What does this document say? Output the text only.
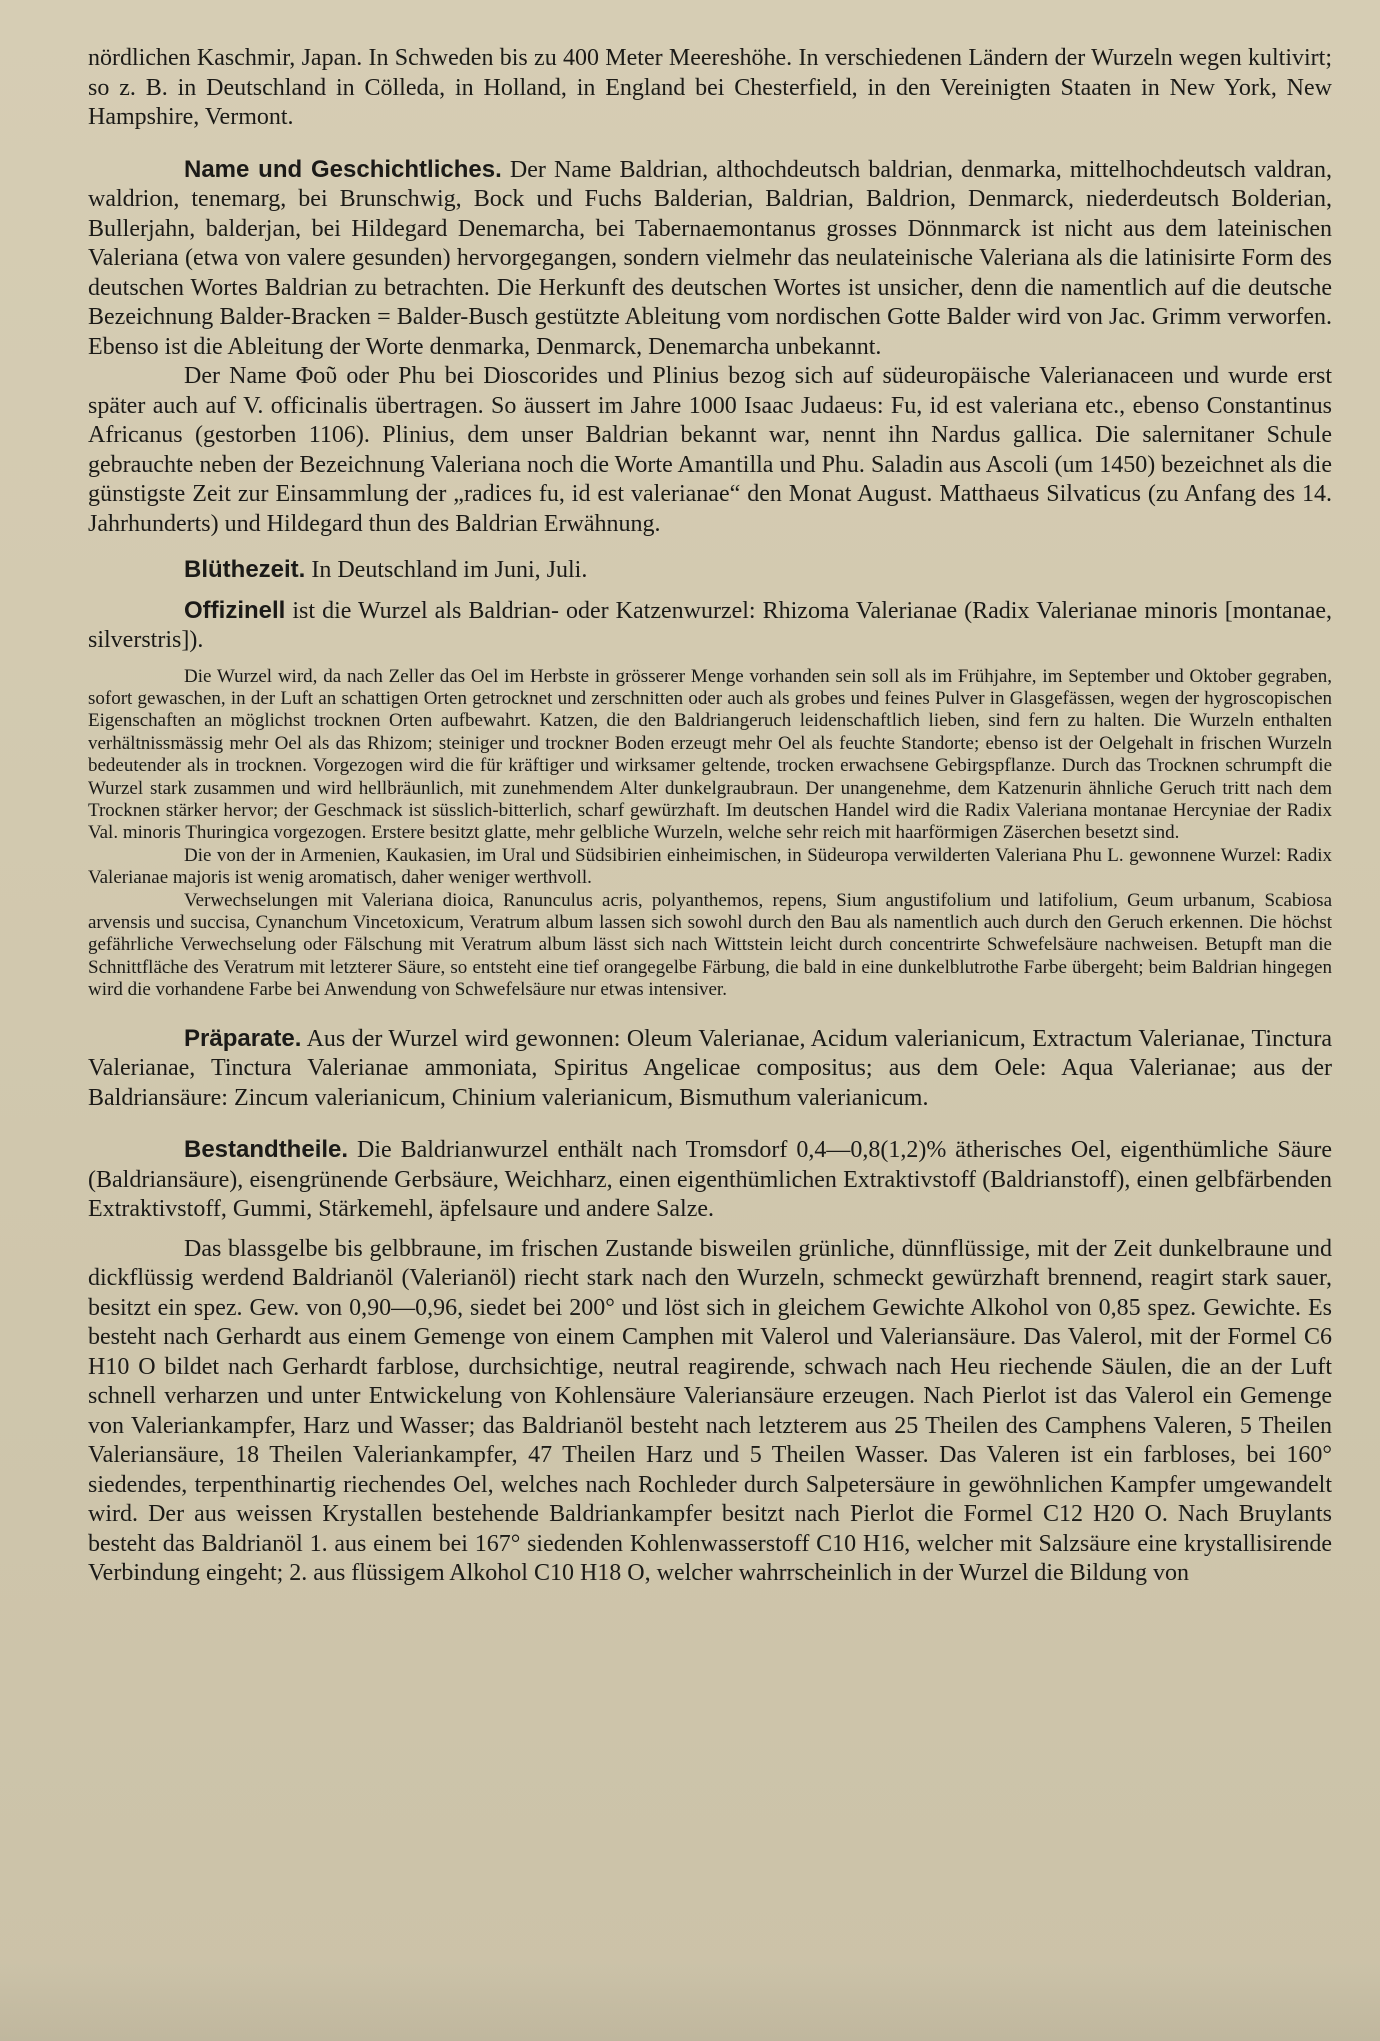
nördlichen Kaschmir, Japan. In Schweden bis zu 400 Meter Meereshöhe. In verschiedenen Ländern der Wurzeln wegen kultivirt; so z. B. in Deutschland in Cölleda, in Holland, in England bei Chesterfield, in den Vereinigten Staaten in New York, New Hampshire, Vermont.

Name und Geschichtliches. Der Name Baldrian, althochdeutsch baldrian, denmarka, mittelhochdeutsch valdran, waldrion, tenemarg, bei Brunschwig, Bock und Fuchs Balderian, Baldrian, Baldrion, Denmarck, niederdeutsch Bolderian, Bullerjahn, balderjan, bei Hildegard Denemarcha, bei Tabernaemontanus grosses Dönnmarck ist nicht aus dem lateinischen Valeriana (etwa von valere gesunden) hervorgegangen, sondern vielmehr das neulateinische Valeriana als die latinisirte Form des deutschen Wortes Baldrian zu betrachten. Die Herkunft des deutschen Wortes ist unsicher, denn die namentlich auf die deutsche Bezeichnung Balder-Bracken = Balder-Busch gestützte Ableitung vom nordischen Gotte Balder wird von Jac. Grimm verworfen. Ebenso ist die Ableitung der Worte denmarka, Denmarck, Denemarcha unbekannt.

Der Name Φοῦ oder Phu bei Dioscorides und Plinius bezog sich auf südeuropäische Valerianaceen und wurde erst später auch auf V. officinalis übertragen. So äussert im Jahre 1000 Isaac Judaeus: Fu, id est valeriana etc., ebenso Constantinus Africanus (gestorben 1106). Plinius, dem unser Baldrian bekannt war, nennt ihn Nardus gallica. Die salernitaner Schule gebrauchte neben der Bezeichnung Valeriana noch die Worte Amantilla und Phu. Saladin aus Ascoli (um 1450) bezeichnet als die günstigste Zeit zur Einsammlung der „radices fu, id est valerianae“ den Monat August. Matthaeus Silvaticus (zu Anfang des 14. Jahrhunderts) und Hildegard thun des Baldrian Erwähnung.

Blüthezeit. In Deutschland im Juni, Juli.

Offizinell ist die Wurzel als Baldrian- oder Katzenwurzel: Rhizoma Valerianae (Radix Valerianae minoris [montanae, silverstris]).

Die Wurzel wird, da nach Zeller das Oel im Herbste in grösserer Menge vorhanden sein soll als im Frühjahre, im September und Oktober gegraben, sofort gewaschen, in der Luft an schattigen Orten getrocknet und zerschnitten oder auch als grobes und feines Pulver in Glasgefässen, wegen der hygroscopischen Eigenschaften an möglichst trocknen Orten aufbewahrt. Katzen, die den Baldriangeruch leidenschaftlich lieben, sind fern zu halten. Die Wurzeln enthalten verhältnissmässig mehr Oel als das Rhizom; steiniger und trockner Boden erzeugt mehr Oel als feuchte Standorte; ebenso ist der Oelgehalt in frischen Wurzeln bedeutender als in trocknen. Vorgezogen wird die für kräftiger und wirksamer geltende, trocken erwachsene Gebirgspflanze. Durch das Trocknen schrumpft die Wurzel stark zusammen und wird hellbräunlich, mit zunehmendem Alter dunkelgraubraun. Der unangenehme, dem Katzenurin ähnliche Geruch tritt nach dem Trocknen stärker hervor; der Geschmack ist süsslich-bitterlich, scharf gewürzhaft. Im deutschen Handel wird die Radix Valeriana montanae Hercyniae der Radix Val. minoris Thuringica vorgezogen. Erstere besitzt glatte, mehr gelbliche Wurzeln, welche sehr reich mit haarförmigen Zäserchen besetzt sind.

Die von der in Armenien, Kaukasien, im Ural und Südsibirien einheimischen, in Südeuropa verwilderten Valeriana Phu L. gewonnene Wurzel: Radix Valerianae majoris ist wenig aromatisch, daher weniger werthvoll.

Verwechselungen mit Valeriana dioica, Ranunculus acris, polyanthemos, repens, Sium angustifolium und latifolium, Geum urbanum, Scabiosa arvensis und succisa, Cynanchum Vincetoxicum, Veratrum album lassen sich sowohl durch den Bau als namentlich auch durch den Geruch erkennen. Die höchst gefährliche Verwechselung oder Fälschung mit Veratrum album lässt sich nach Wittstein leicht durch concentrirte Schwefelsäure nachweisen. Betupft man die Schnittfläche des Veratrum mit letzterer Säure, so entsteht eine tief orangegelbe Färbung, die bald in eine dunkelblutrothe Farbe übergeht; beim Baldrian hingegen wird die vorhandene Farbe bei Anwendung von Schwefelsäure nur etwas intensiver.

Präparate. Aus der Wurzel wird gewonnen: Oleum Valerianae, Acidum valerianicum, Extractum Valerianae, Tinctura Valerianae, Tinctura Valerianae ammoniata, Spiritus Angelicae compositus; aus dem Oele: Aqua Valerianae; aus der Baldriansäure: Zincum valerianicum, Chinium valerianicum, Bismuthum valerianicum.

Bestandtheile. Die Baldrianwurzel enthält nach Tromsdorf 0,4—0,8(1,2)% ätherisches Oel, eigenthümliche Säure (Baldriansäure), eisengrünende Gerbsäure, Weichharz, einen eigenthümlichen Extraktivstoff (Baldrianstoff), einen gelbfärbenden Extraktivstoff, Gummi, Stärkemehl, äpfelsaure und andere Salze.

Das blassgelbe bis gelbbraune, im frischen Zustande bisweilen grünliche, dünnflüssige, mit der Zeit dunkelbraune und dickflüssig werdend Baldrianöl (Valerianöl) riecht stark nach den Wurzeln, schmeckt gewürzhaft brennend, reagirt stark sauer, besitzt ein spez. Gew. von 0,90—0,96, siedet bei 200° und löst sich in gleichem Gewichte Alkohol von 0,85 spez. Gewichte. Es besteht nach Gerhardt aus einem Gemenge von einem Camphen mit Valerol und Valeriansäure. Das Valerol, mit der Formel C6 H10 O bildet nach Gerhardt farblose, durchsichtige, neutral reagirende, schwach nach Heu riechende Säulen, die an der Luft schnell verharzen und unter Entwickelung von Kohlensäure Valeriansäure erzeugen. Nach Pierlot ist das Valerol ein Gemenge von Valeriankampfer, Harz und Wasser; das Baldrianöl besteht nach letzterem aus 25 Theilen des Camphens Valeren, 5 Theilen Valeriansäure, 18 Theilen Valeriankampfer, 47 Theilen Harz und 5 Theilen Wasser. Das Valeren ist ein farbloses, bei 160° siedendes, terpenthinartig riechendes Oel, welches nach Rochleder durch Salpetersäure in gewöhnlichen Kampfer umgewandelt wird. Der aus weissen Krystallen bestehende Baldriankampfer besitzt nach Pierlot die Formel C12 H20 O. Nach Bruylants besteht das Baldrianöl 1. aus einem bei 167° siedenden Kohlenwasserstoff C10 H16, welcher mit Salzsäure eine krystallisirende Verbindung eingeht; 2. aus flüssigem Alkohol C10 H18 O, welcher wahrrscheinlich in der Wurzel die Bildung von
